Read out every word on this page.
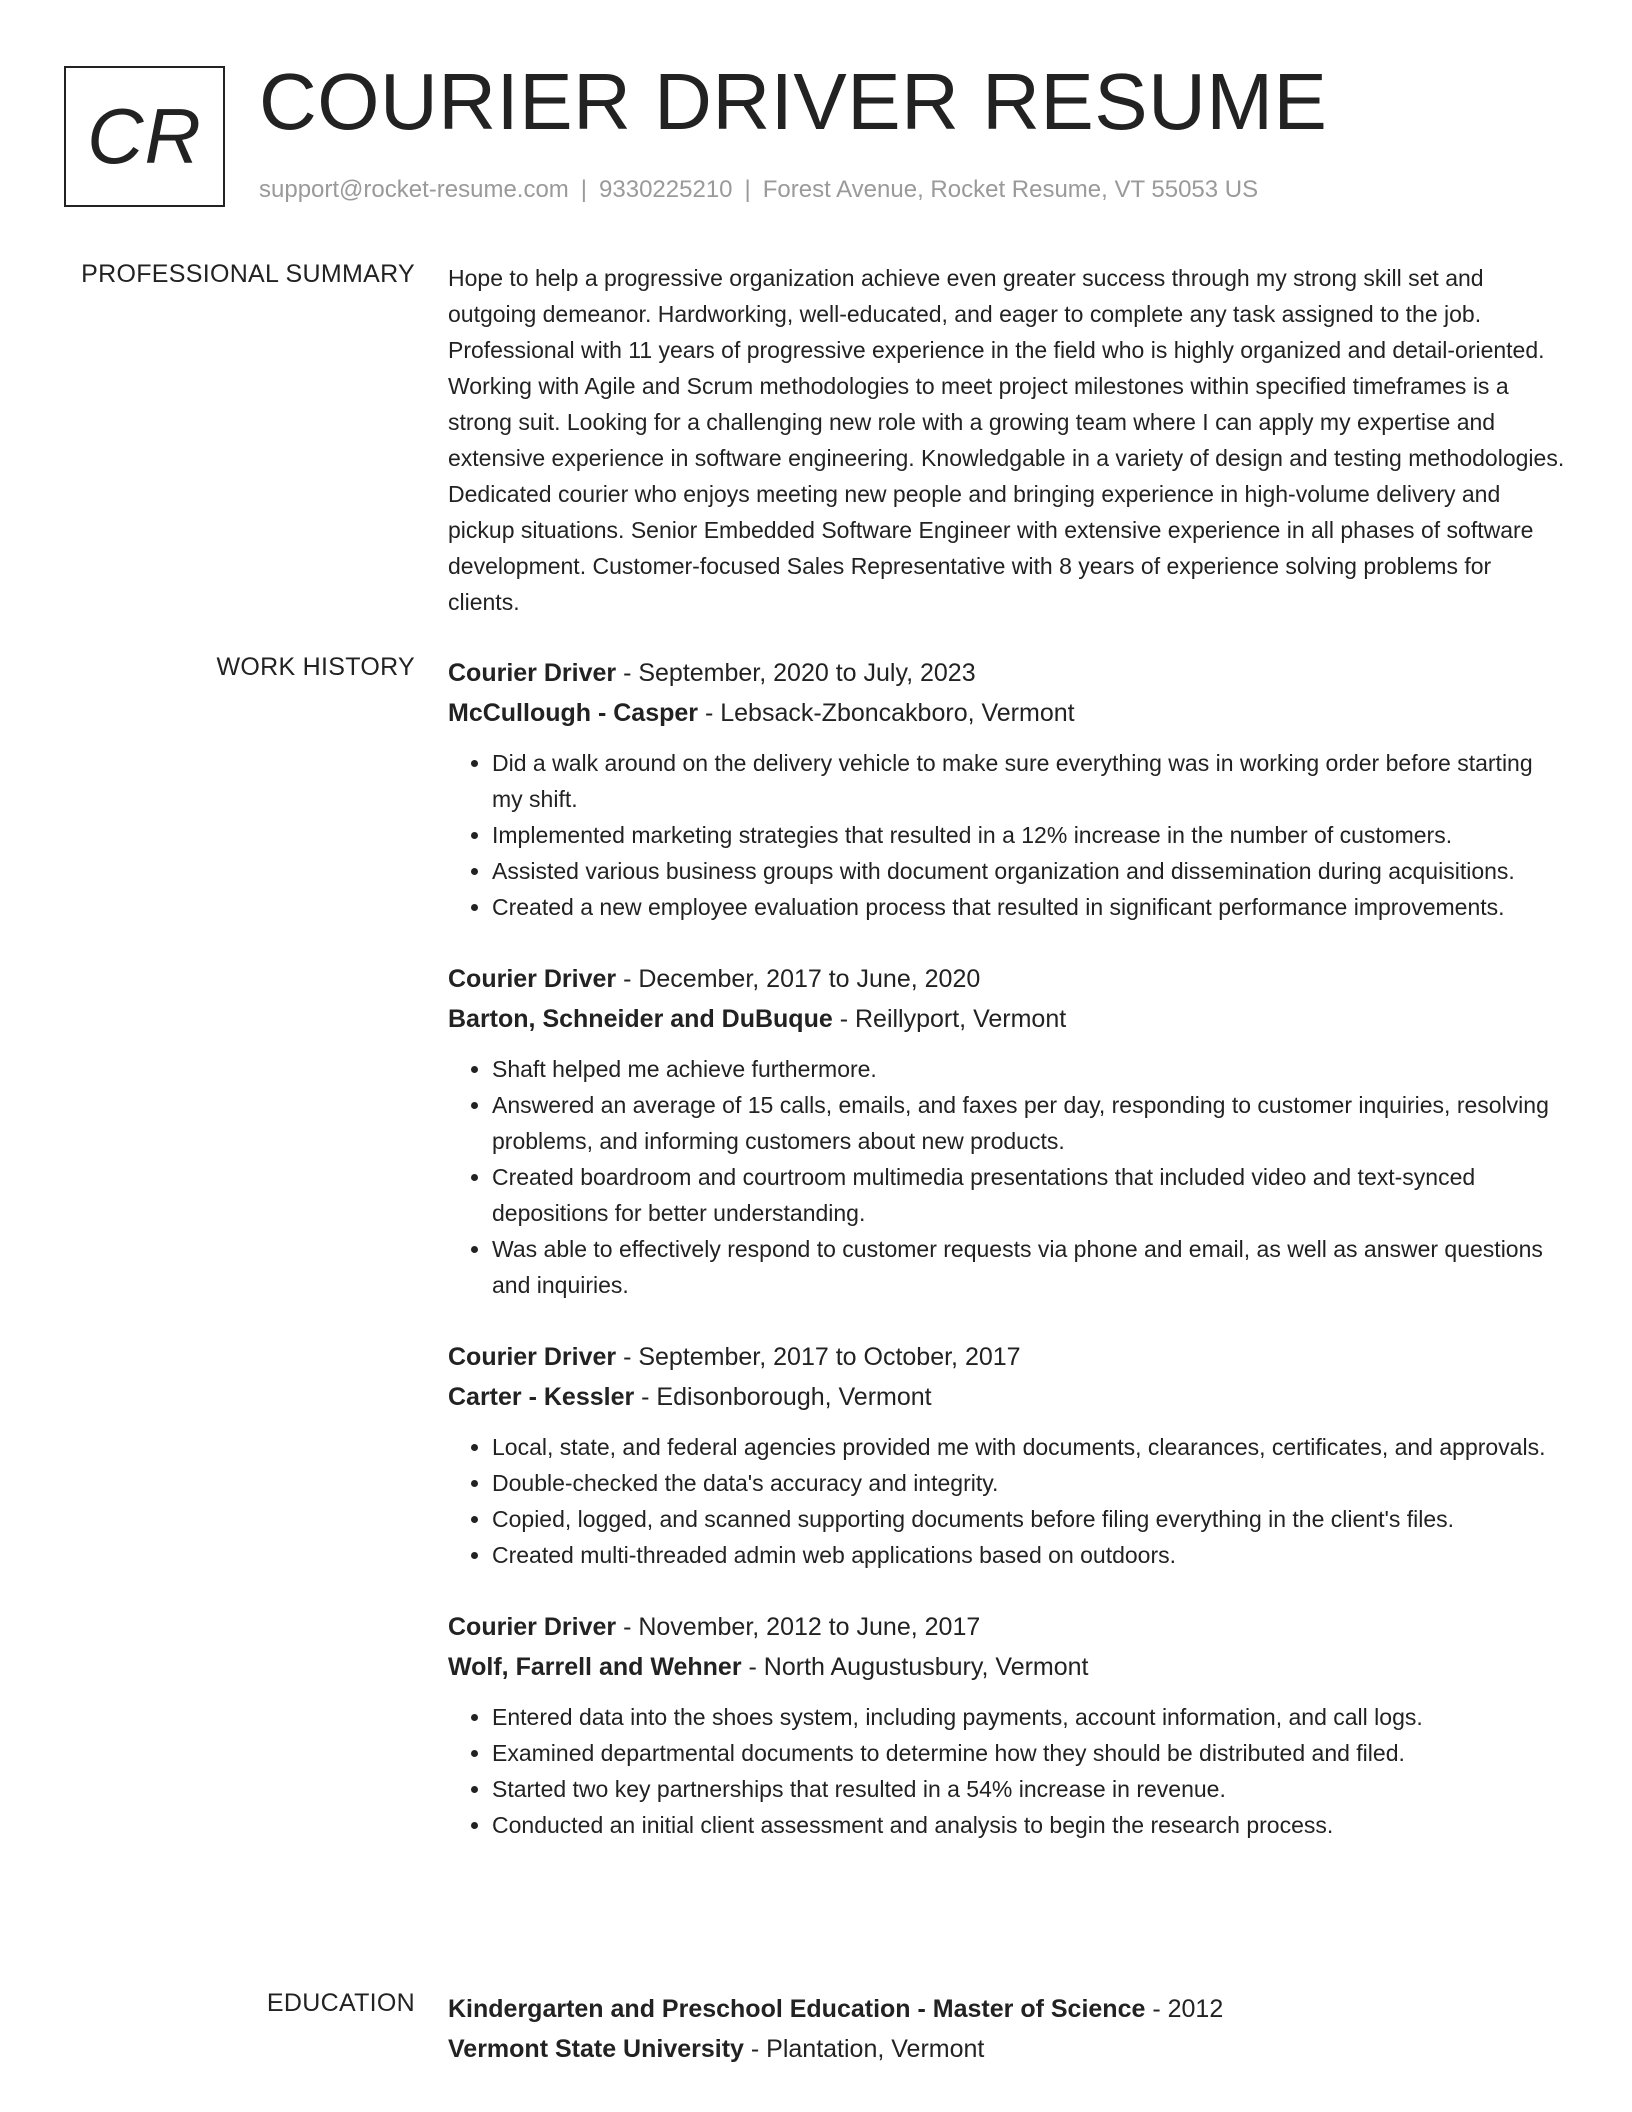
CR COURIER DRIVER RESUME
support@rocket-resume.com | 9330225210 | Forest Avenue, Rocket Resume, VT 55053 US
PROFESSIONAL SUMMARY Hope to help a progressive organization achieve even greater success through my strong skill set and outgoing demeanor. Hardworking, well-educated, and eager to complete any task assigned to the job. Professional with 11 years of progressive experience in the field who is highly organized and detail-oriented. Working with Agile and Scrum methodologies to meet project milestones within specified timeframes is a strong suit. Looking for a challenging new role with a growing team where I can apply my expertise and extensive experience in software engineering. Knowledgable in a variety of design and testing methodologies. Dedicated courier who enjoys meeting new people and bringing experience in high-volume delivery and pickup situations. Senior Embedded Software Engineer with extensive experience in all phases of software development. Customer-focused Sales Representative with 8 years of experience solving problems for clients.

WORK HISTORY Courier Driver - September, 2020 to July, 2023
McCullough - Casper - Lebsack-Zboncakboro, Vermont
• Did a walk around on the delivery vehicle to make sure everything was in working order before starting my shift.
• Implemented marketing strategies that resulted in a 12% increase in the number of customers.
• Assisted various business groups with document organization and dissemination during acquisitions.
• Created a new employee evaluation process that resulted in significant performance improvements.
Courier Driver - December, 2017 to June, 2020
Barton, Schneider and DuBuque - Reillyport, Vermont
• Shaft helped me achieve furthermore.
• Answered an average of 15 calls, emails, and faxes per day, responding to customer inquiries, resolving problems, and informing customers about new products.
• Created boardroom and courtroom multimedia presentations that included video and text-synced depositions for better understanding.
• Was able to effectively respond to customer requests via phone and email, as well as answer questions and inquiries.
Courier Driver - September, 2017 to October, 2017
Carter - Kessler - Edisonborough, Vermont
• Local, state, and federal agencies provided me with documents, clearances, certificates, and approvals.
• Double-checked the data's accuracy and integrity.
• Copied, logged, and scanned supporting documents before filing everything in the client's files.
• Created multi-threaded admin web applications based on outdoors.
Courier Driver - November, 2012 to June, 2017
Wolf, Farrell and Wehner - North Augustusbury, Vermont
• Entered data into the shoes system, including payments, account information, and call logs.
• Examined departmental documents to determine how they should be distributed and filed.
• Started two key partnerships that resulted in a 54% increase in revenue.
• Conducted an initial client assessment and analysis to begin the research process.
EDUCATION Kindergarten and Preschool Education - Master of Science - 2012
Vermont State University - Plantation, Vermont
